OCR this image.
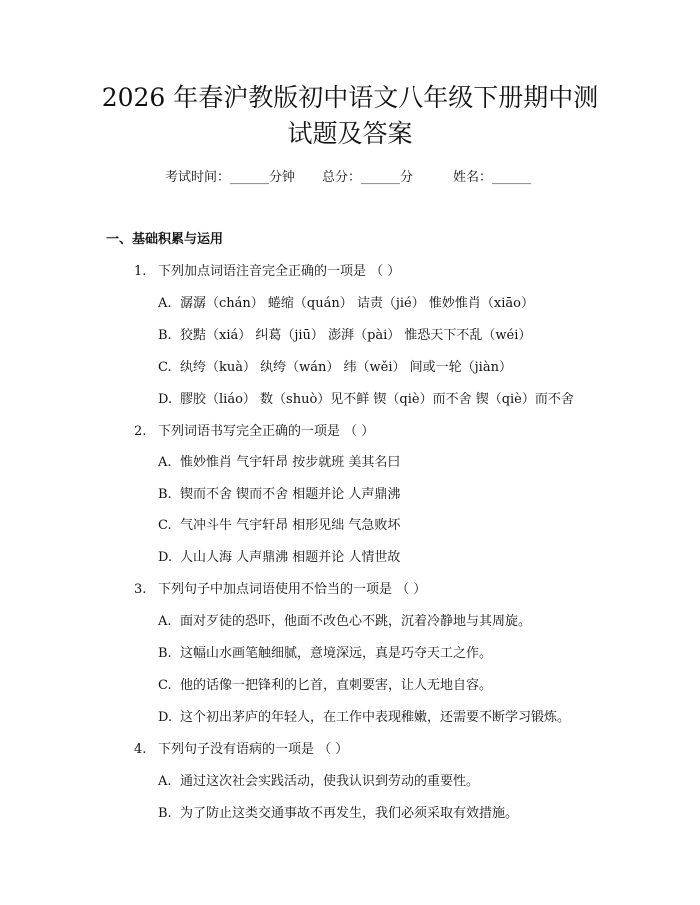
2026 年春沪教版初中语文八年级下册期中测
试题及答案
考试时间：______分钟 总分：______分	姓名：______
一、基础积累与运用
1. 下列加点词语注音完全正确的一项是 （ ）
A. 潺潺（chán） 蜷缩（quán） 诘责（jié） 惟妙惟肖（xiāo）
B. 狡黠（xiá） 纠葛（jiū） 澎湃（pài） 惟恐天下不乱（wéi）
C. 纨绔（kuà） 纨绔（wán） 纬（wěi） 间或一轮（jiàn）
D. 膠胶（liáo） 数（shuò）见不鲜 锲（qiè）而不舍 锲（qiè）而不舍
2. 下列词语书写完全正确的一项是 （ ）
A. 惟妙惟肖 气宇轩昂 按步就班 美其名曰
B. 锲而不舍 锲而不舍 相题并论 人声鼎沸
C. 气冲斗牛 气宇轩昂 相形见绌 气急败坏
D. 人山人海 人声鼎沸 相题并论 人情世故
3. 下列句子中加点词语使用不恰当的一项是 （ ）
A. 面对歹徒的恐吓，他面不改色心不跳，沉着冷静地与其周旋。
B. 这幅山水画笔触细腻，意境深远，真是巧夺天工之作。
C. 他的话像一把锋利的匕首，直刺要害，让人无地自容。
D. 这个初出茅庐的年轻人，在工作中表现稚嫩，还需要不断学习锻炼。
4. 下列句子没有语病的一项是 （ ）
A. 通过这次社会实践活动，使我认识到劳动的重要性。
B. 为了防止这类交通事故不再发生，我们必须采取有效措施。
